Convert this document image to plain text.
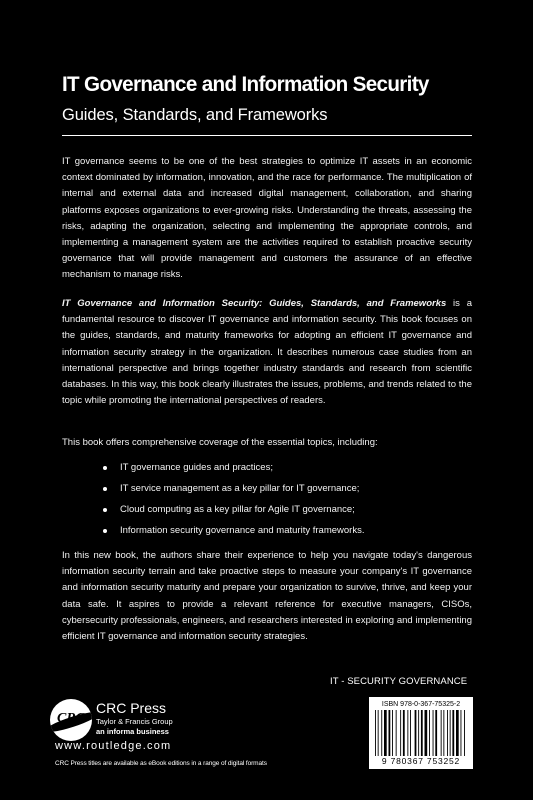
IT Governance and Information Security
Guides, Standards, and Frameworks

IT governance seems to be one of the best strategies to optimize IT assets in an economic context dominated by information, innovation, and the race for performance. The multiplication of internal and external data and increased digital management, collaboration, and sharing platforms exposes organizations to ever-growing risks. Understanding the threats, assessing the risks, adapting the organization, selecting and implementing the appropriate controls, and implementing a management system are the activities required to establish proactive security governance that will provide management and customers the assurance of an effective mechanism to manage risks.

IT Governance and Information Security: Guides, Standards, and Frameworks is a fundamental resource to discover IT governance and information security. This book focuses on the guides, standards, and maturity frameworks for adopting an efficient IT governance and information security strategy in the organization. It describes numerous case studies from an international perspective and brings together industry standards and research from scientific databases. In this way, this book clearly illustrates the issues, problems, and trends related to the topic while promoting the international perspectives of readers.

This book offers comprehensive coverage of the essential topics, including:

IT governance guides and practices;
IT service management as a key pillar for IT governance;
Cloud computing as a key pillar for Agile IT governance;
Information security governance and maturity frameworks.

In this new book, the authors share their experience to help you navigate today's dangerous information security terrain and take proactive steps to measure your company's IT governance and information security maturity and prepare your organization to survive, thrive, and keep your data safe. It aspires to provide a relevant reference for executive managers, CISOs, cybersecurity professionals, engineers, and researchers interested in exploring and implementing efficient IT governance and information security strategies.

IT - SECURITY GOVERNANCE
CRC
CRC Press
Taylor & Francis Group
an informa business
www.routledge.com
CRC Press titles are available as eBook editions in a range of digital formats
ISBN 978-0-367-75325-2
9 780367 753252
